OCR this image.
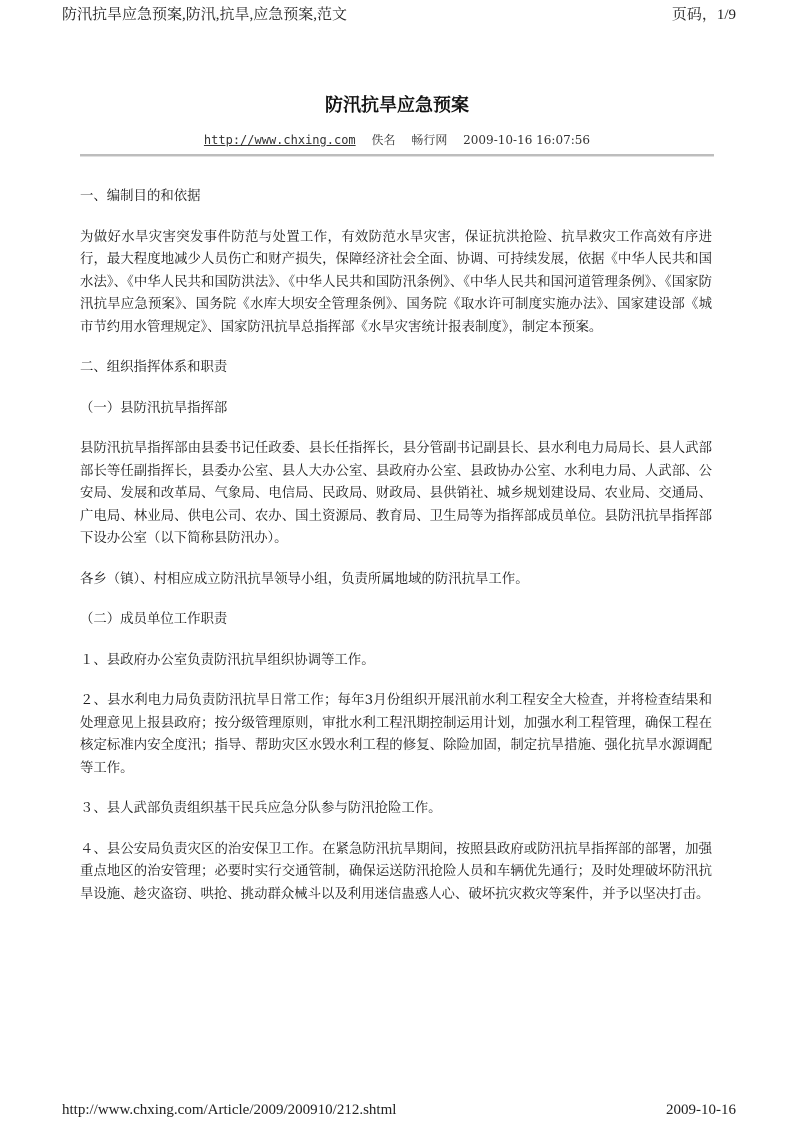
防汛抗旱应急预案,防汛,抗旱,应急预案,范文	页码，1/9
防汛抗旱应急预案
http://www.chxing.com 佚名 畅行网 2009-10-16 16:07:56

一、编制目的和依据

为做好水旱灾害突发事件防范与处置工作，有效防范水旱灾害，保证抗洪抢险、抗旱救灾工作高效有序进行，最大程度地减少人员伤亡和财产损失，保障经济社会全面、协调、可持续发展，依据《中华人民共和国水法》、《中华人民共和国防洪法》、《中华人民共和国防汛条例》、《中华人民共和国河道管理条例》、《国家防汛抗旱应急预案》、国务院《水库大坝安全管理条例》、国务院《取水许可制度实施办法》、国家建设部《城市节约用水管理规定》、国家防汛抗旱总指挥部《水旱灾害统计报表制度》，制定本预案。

二、组织指挥体系和职责

（一）县防汛抗旱指挥部

县防汛抗旱指挥部由县委书记任政委、县长任指挥长，县分管副书记副县长、县水利电力局局长、县人武部部长等任副指挥长，县委办公室、县人大办公室、县政府办公室、县政协办公室、水利电力局、人武部、公安局、发展和改革局、气象局、电信局、民政局、财政局、县供销社、城乡规划建设局、农业局、交通局、广电局、林业局、供电公司、农办、国土资源局、教育局、卫生局等为指挥部成员单位。县防汛抗旱指挥部下设办公室（以下简称县防汛办）。

各乡（镇）、村相应成立防汛抗旱领导小组，负责所属地域的防汛抗旱工作。

（二）成员单位工作职责

１、县政府办公室负责防汛抗旱组织协调等工作。

２、县水利电力局负责防汛抗旱日常工作；每年3月份组织开展汛前水利工程安全大检查，并将检查结果和处理意见上报县政府；按分级管理原则，审批水利工程汛期控制运用计划，加强水利工程管理，确保工程在核定标准内安全度汛；指导、帮助灾区水毁水利工程的修复、除险加固，制定抗旱措施、强化抗旱水源调配等工作。

３、县人武部负责组织基干民兵应急分队参与防汛抢险工作。

４、县公安局负责灾区的治安保卫工作。在紧急防汛抗旱期间，按照县政府或防汛抗旱指挥部的部署，加强重点地区的治安管理；必要时实行交通管制，确保运送防汛抢险人员和车辆优先通行；及时处理破坏防汛抗旱设施、趁灾盗窃、哄抢、挑动群众械斗以及利用迷信蛊惑人心、破坏抗灾救灾等案件，并予以坚决打击。

http://www.chxing.com/Article/2009/200910/212.shtml	2009-10-16
